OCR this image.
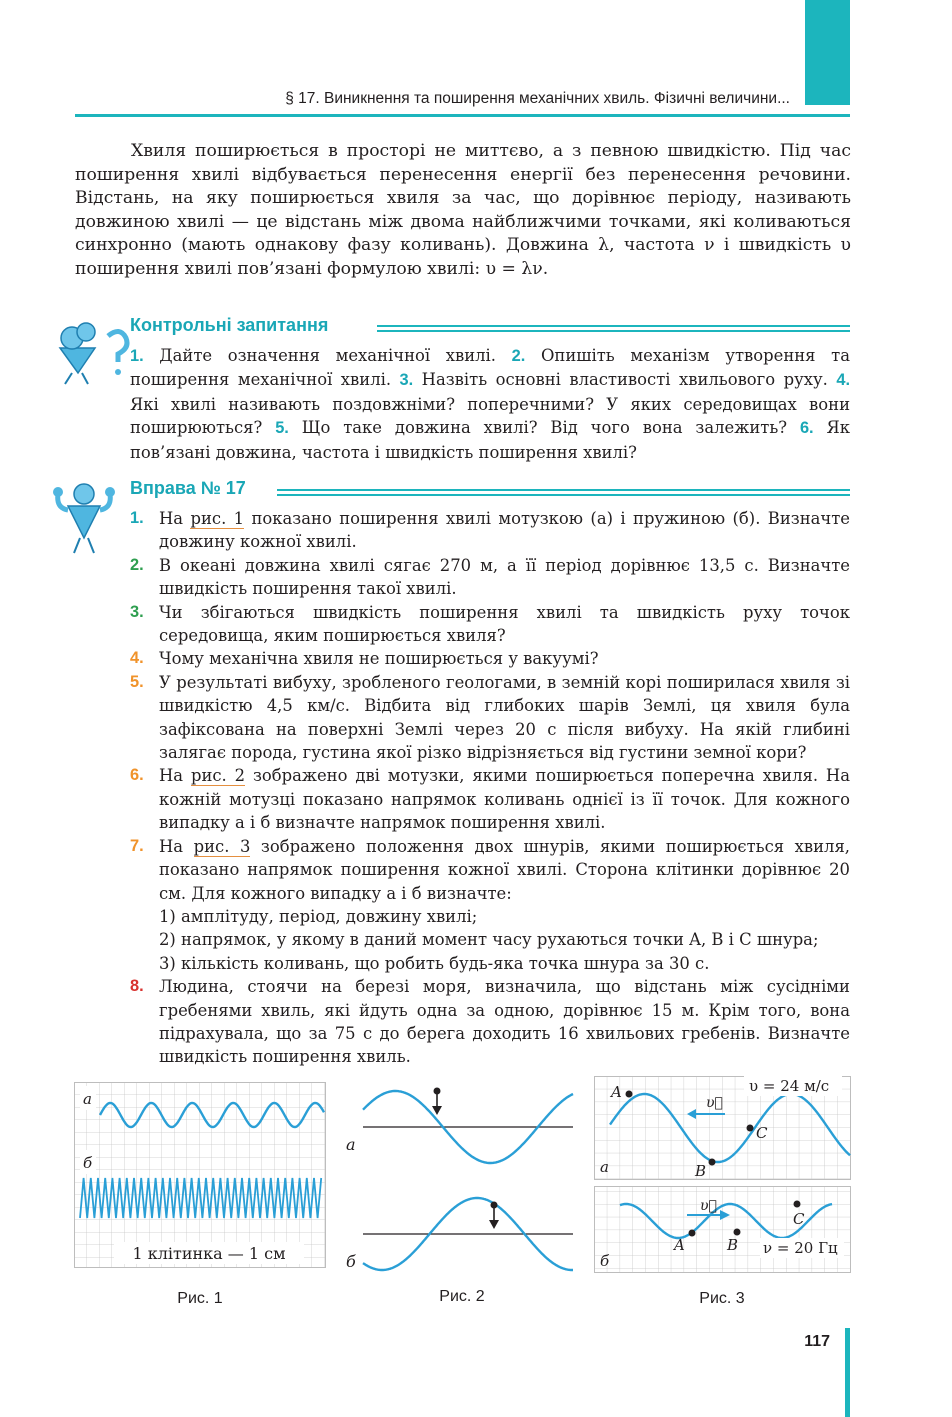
§ 17. Виникнення та поширення механічних хвиль. Фізичні величини...

Хвиля поширюється в просторі не миттєво, а з певною швидкістю. Під час поширення хвилі відбувається перенесення енергії без перенесення речовини. Відстань, на яку поширюється хвиля за час, що дорівнює періоду, називають довжиною хвилі — це відстань між двома найближчими точками, які коливаються синхронно (мають однакову фазу коливань). Довжина λ, частота ν і швидкість υ поширення хвилі пов’язані формулою хвилі: υ = λν.

Контрольні запитання
1. Дайте означення механічної хвилі. 2. Опишіть механізм утворення та поширення механічної хвилі. 3. Назвіть основні властивості хвильового руху. 4. Які хвилі називають поздовжніми? поперечними? У яких середовищах вони поширюються? 5. Що таке довжина хвилі? Від чого вона залежить? 6. Як пов’язані довжина, частота і швидкість поширення хвилі?
Вправа № 17
1. На рис. 1 показано поширення хвилі мотузкою (а) і пружиною (б). Визначте довжину кожної хвилі.
2. В океані довжина хвилі сягає 270 м, а її період дорівнює 13,5 с. Визначте швидкість поширення такої хвилі.
3. Чи збігаються швидкість поширення хвилі та швидкість руху точок середовища, яким поширюється хвиля?
4. Чому механічна хвиля не поширюється у вакуумі?
5. У результаті вибуху, зробленого геологами, в земній корі поширилася хвиля зі швидкістю 4,5 км/с. Відбита від глибоких шарів Землі, ця хвиля була зафіксована на поверхні Землі через 20 с після вибуху. На якій глибині залягає порода, густина якої різко відрізняється від густини земної кори?
6. На рис. 2 зображено дві мотузки, якими поширюється поперечна хвиля. На кожній мотузці показано напрямок коливань однієї із її точок. Для кожного випадку а і б визначте напрямок поширення хвилі.
7. На рис. 3 зображено положення двох шнурів, якими поширюється хвиля, показано напрямок поширення кожної хвилі. Сторона клітинки дорівнює 20 см. Для кожного випадку а і б визначте:
1) амплітуду, період, довжину хвилі;
2) напрямок, у якому в даний момент часу рухаються точки A, B і C шнура;
3) кількість коливань, що робить будь-яка точка шнура за 30 с.
8. Людина, стоячи на березі моря, визначила, що відстань між сусідніми гребенями хвиль, які йдуть одна за одною, дорівнює 15 м. Крім того, вона підрахувала, що за 75 с до берега доходить 16 хвильових гребенів. Визначте швидкість поширення хвиль.
а
б
1 клітинка — 1 см
Рис. 1
а
б
Рис. 2
υ = 24 м/с
A
B
C
υ⃗
а
υ⃗
A	B
C
ν = 20 Гц
б
Рис. 3
117
